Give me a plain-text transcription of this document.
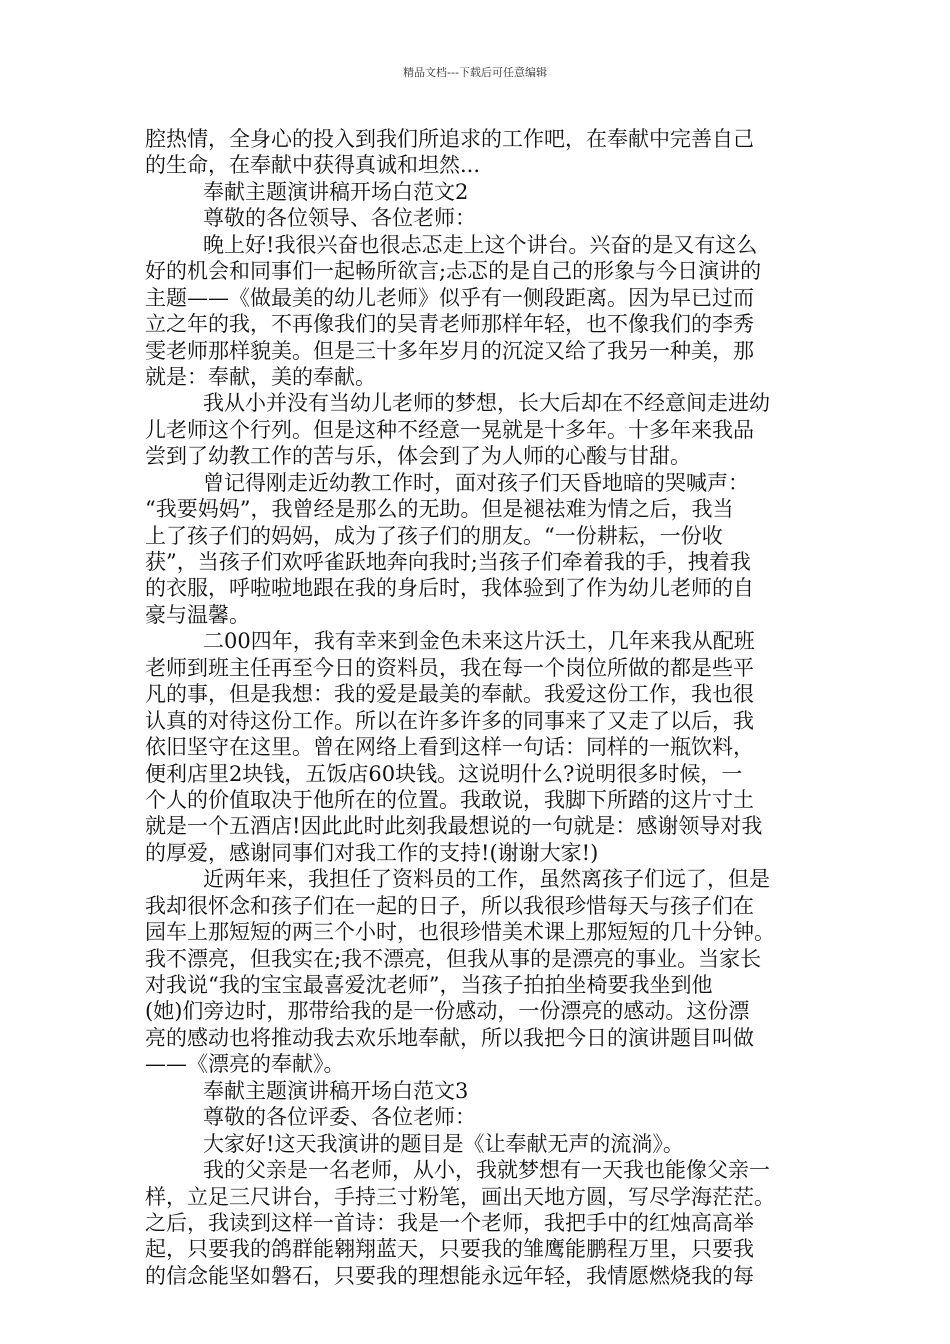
精品文档---下载后可任意编辑
腔热情，全身心的投入到我们所追求的工作吧，在奉献中完善自己
的生命，在奉献中获得真诚和坦然...
奉献主题演讲稿开场白范文2
尊敬的各位领导、各位老师：
晚上好!我很兴奋也很忐忑走上这个讲台。兴奋的是又有这么
好的机会和同事们一起畅所欲言;忐忑的是自己的形象与今日演讲的
主题——《做最美的幼儿老师》似乎有一侧段距离。因为早已过而
立之年的我，不再像我们的吴青老师那样年轻，也不像我们的李秀
雯老师那样貌美。但是三十多年岁月的沉淀又给了我另一种美，那
就是：奉献，美的奉献。
我从小并没有当幼儿老师的梦想，长大后却在不经意间走进幼
儿老师这个行列。但是这种不经意一晃就是十多年。十多年来我品
尝到了幼教工作的苦与乐，体会到了为人师的心酸与甘甜。
曾记得刚走近幼教工作时，面对孩子们天昏地暗的哭喊声：
“我要妈妈”，我曾经是那么的无助。但是褪祛难为情之后，我当
上了孩子们的妈妈，成为了孩子们的朋友。“一份耕耘，一份收
获”，当孩子们欢呼雀跃地奔向我时;当孩子们牵着我的手，拽着我
的衣服，呼啦啦地跟在我的身后时，我体验到了作为幼儿老师的自
豪与温馨。
二00四年，我有幸来到金色未来这片沃土，几年来我从配班
老师到班主任再至今日的资料员，我在每一个岗位所做的都是些平
凡的事，但是我想：我的爱是最美的奉献。我爱这份工作，我也很
认真的对待这份工作。所以在许多许多的同事来了又走了以后，我
依旧坚守在这里。曾在网络上看到这样一句话：同样的一瓶饮料，
便利店里2块钱，五饭店60块钱。这说明什么?说明很多时候，一
个人的价值取决于他所在的位置。我敢说，我脚下所踏的这片寸土
就是一个五酒店!因此此时此刻我最想说的一句就是：感谢领导对我
的厚爱，感谢同事们对我工作的支持!(谢谢大家!)
近两年来，我担任了资料员的工作，虽然离孩子们远了，但是
我却很怀念和孩子们在一起的日子，所以我很珍惜每天与孩子们在
园车上那短短的两三个小时，也很珍惜美术课上那短短的几十分钟。
我不漂亮，但我实在;我不漂亮，但我从事的是漂亮的事业。当家长
对我说“我的宝宝最喜爱沈老师”，当孩子拍拍坐椅要我坐到他
(她)们旁边时，那带给我的是一份感动，一份漂亮的感动。这份漂
亮的感动也将推动我去欢乐地奉献，所以我把今日的演讲题目叫做
——《漂亮的奉献》。
奉献主题演讲稿开场白范文3
尊敬的各位评委、各位老师：
大家好!这天我演讲的题目是《让奉献无声的流淌》。
我的父亲是一名老师，从小，我就梦想有一天我也能像父亲一
样，立足三尺讲台，手持三寸粉笔，画出天地方圆，写尽学海茫茫。
之后，我读到这样一首诗：我是一个老师，我把手中的红烛高高举
起，只要我的鸽群能翱翔蓝天，只要我的雏鹰能鹏程万里，只要我
的信念能坚如磐石，只要我的理想能永远年轻，我情愿燃烧我的每
